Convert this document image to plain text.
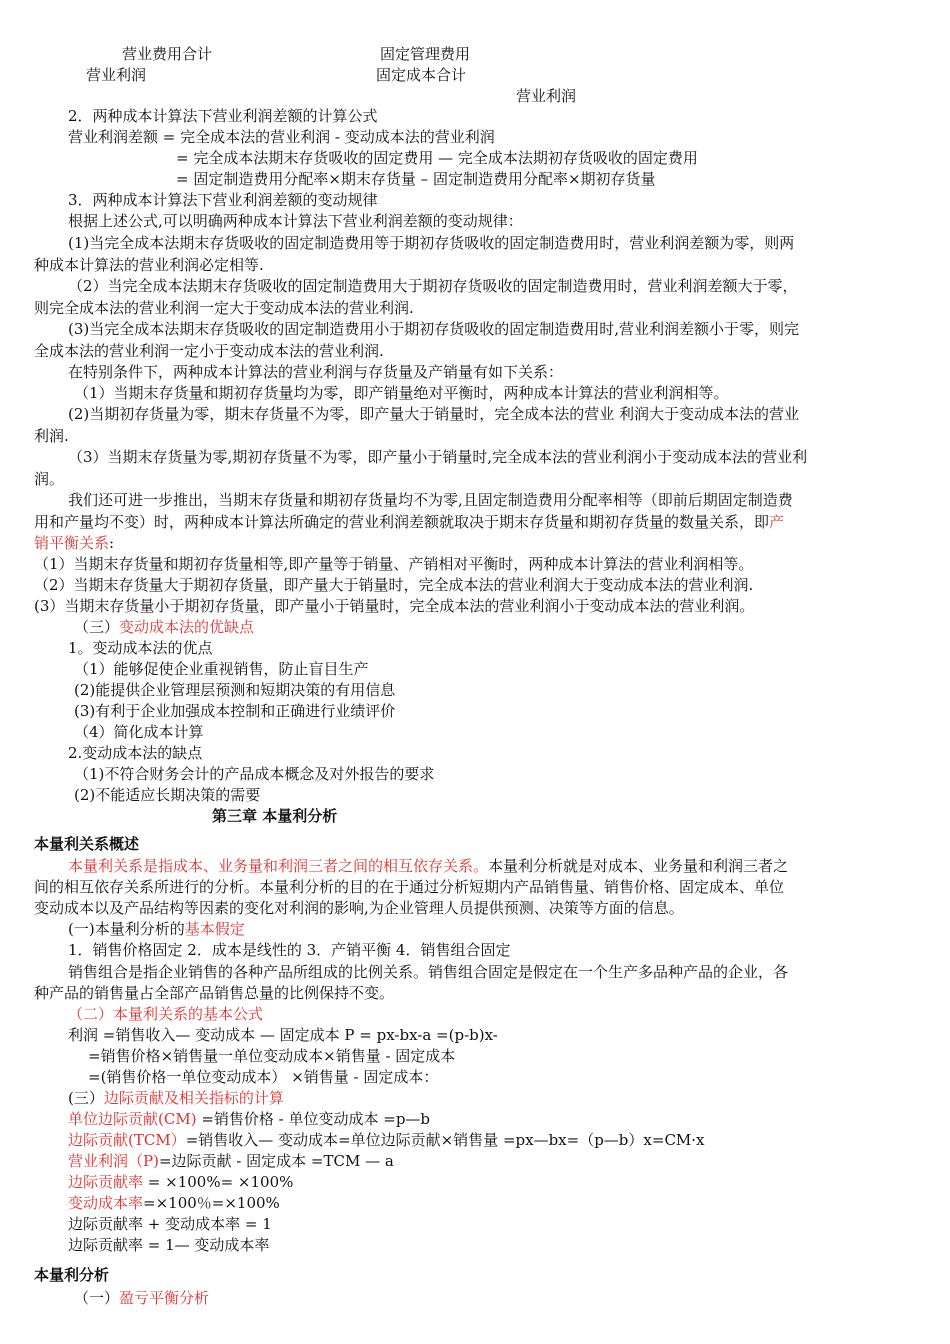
营业费用合计	固定管理费用
营业利润	固定成本合计
营业利润
2．两种成本计算法下营业利润差额的计算公式
营业利润差额 = 完全成本法的营业利润 - 变动成本法的营业利润
= 完全成本法期末存货吸收的固定费用 — 完全成本法期初存货吸收的固定费用
= 固定制造费用分配率×期末存货量 – 固定制造费用分配率×期初存货量
3．两种成本计算法下营业利润差额的变动规律
根据上述公式,可以明确两种成本计算法下营业利润差额的变动规律：
(1)当完全成本法期末存货吸收的固定制造费用等于期初存货吸收的固定制造费用时，营业利润差额为零，则两
种成本计算法的营业利润必定相等.
（2）当完全成本法期末存货吸收的固定制造费用大于期初存货吸收的固定制造费用时，营业利润差额大于零，
则完全成本法的营业利润一定大于变动成本法的营业利润.
(3)当完全成本法期末存货吸收的固定制造费用小于期初存货吸收的固定制造费用时,营业利润差额小于零，则完
全成本法的营业利润一定小于变动成本法的营业利润.
在特别条件下，两种成本计算法的营业利润与存货量及产销量有如下关系：
（1）当期末存货量和期初存货量均为零，即产销量绝对平衡时，两种成本计算法的营业利润相等。
(2)当期初存货量为零，期末存货量不为零，即产量大于销量时，完全成本法的营业 利润大于变动成本法的营业
利润.
（3）当期末存货量为零,期初存货量不为零，即产量小于销量时,完全成本法的营业利润小于变动成本法的营业利
润。
我们还可进一步推出，当期末存货量和期初存货量均不为零,且固定制造费用分配率相等（即前后期固定制造费
用和产量均不变）时，两种成本计算法所确定的营业利润差额就取决于期末存货量和期初存货量的数量关系，即产
销平衡关系:
（1）当期末存货量和期初存货量相等,即产量等于销量、产销相对平衡时，两种成本计算法的营业利润相等。
（2）当期末存货量大于期初存货量，即产量大于销量时，完全成本法的营业利润大于变动成本法的营业利润.
(3）当期末存货量小于期初存货量，即产量小于销量时，完全成本法的营业利润小于变动成本法的营业利润。
（三）变动成本法的优缺点
1。变动成本法的优点
（1）能够促使企业重视销售，防止盲目生产
(2)能提供企业管理层预测和短期决策的有用信息
(3)有利于企业加强成本控制和正确进行业绩评价
（4）简化成本计算
2.变动成本法的缺点
（1)不符合财务会计的产品成本概念及对外报告的要求
(2)不能适应长期决策的需要
第三章 本量利分析
本量利关系概述
本量利关系是指成本、业务量和利润三者之间的相互依存关系。本量利分析就是对成本、业务量和利润三者之
间的相互依存关系所进行的分析。本量利分析的目的在于通过分析短期内产品销售量、销售价格、固定成本、单位
变动成本以及产品结构等因素的变化对利润的影响,为企业管理人员提供预测、决策等方面的信息。
(一)本量利分析的基本假定
1．销售价格固定 2．成本是线性的 3．产销平衡 4．销售组合固定
销售组合是指企业销售的各种产品所组成的比例关系。销售组合固定是假定在一个生产多品种产品的企业，各
种产品的销售量占全部产品销售总量的比例保持不变。
（二）本量利关系的基本公式
利润 =销售收入— 变动成本 — 固定成本 P = px-bx-a =(p-b)x-
=销售价格×销售量一单位变动成本×销售量 - 固定成本
=(销售价格一单位变动成本） ×销售量 - 固定成本：
(三）边际贡献及相关指标的计算
单位边际贡献(CM) =销售价格 - 单位变动成本 =p—b
边际贡献(TCM）=销售收入— 变动成本=单位边际贡献×销售量 =px—bx=（p—b）x=CM·x
营业利润（P)=边际贡献 - 固定成本 =TCM — a
边际贡献率 = ×100%= ×100%
变动成本率=×100％=×100%
边际贡献率 + 变动成本率 = 1
边际贡献率 = 1— 变动成本率
本量利分析
（一）盈亏平衡分析
